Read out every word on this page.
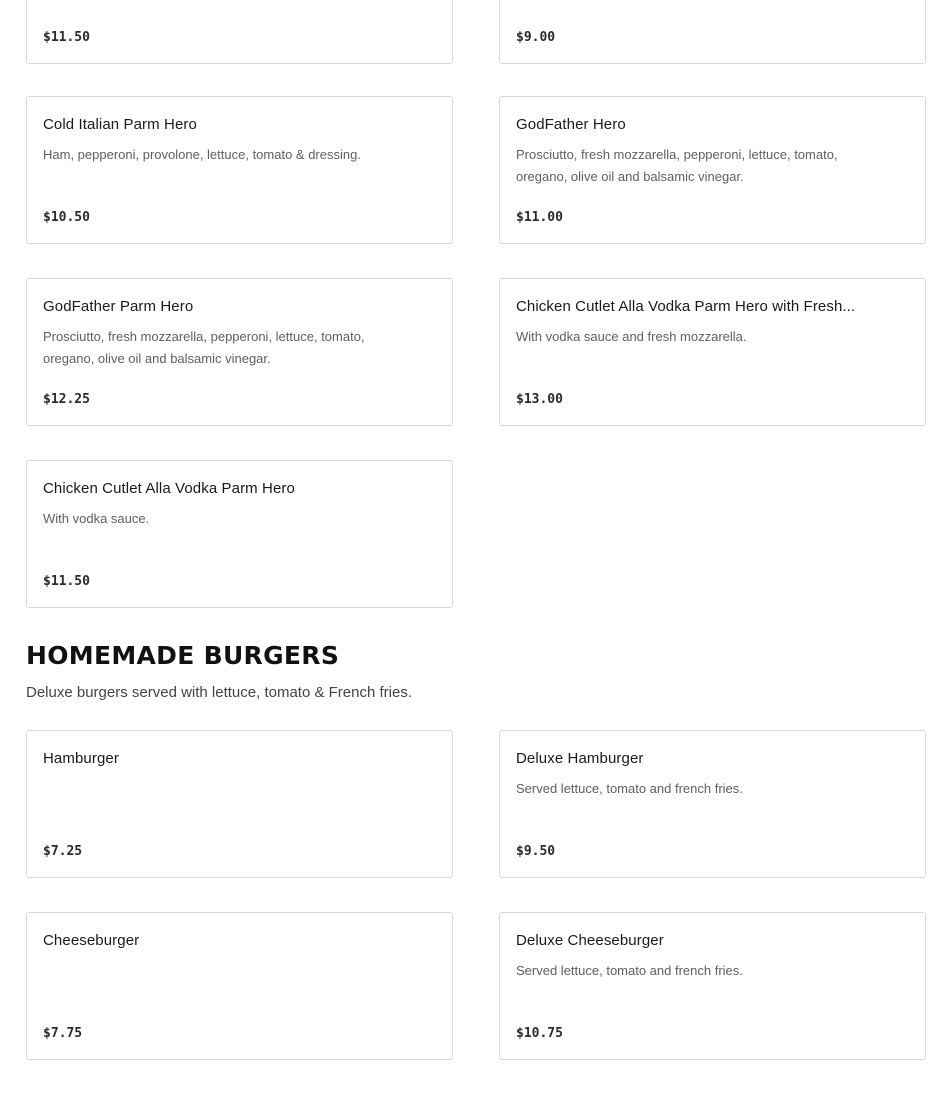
$11.50	$9.00
Cold Italian Parm Hero
Ham, pepperoni, provolone, lettuce, tomato & dressing.
$10.50
GodFather Hero
Prosciutto, fresh mozzarella, pepperoni, lettuce, tomato, oregano, olive oil and balsamic vinegar.
$11.00
GodFather Parm Hero
Prosciutto, fresh mozzarella, pepperoni, lettuce, tomato, oregano, olive oil and balsamic vinegar.
$12.25
Chicken Cutlet Alla Vodka Parm Hero with Fresh...
With vodka sauce and fresh mozzarella.
$13.00
Chicken Cutlet Alla Vodka Parm Hero
With vodka sauce.
$11.50
HOMEMADE BURGERS

Deluxe burgers served with lettuce, tomato & French fries.

Hamburger
$7.25
Deluxe Hamburger
Served lettuce, tomato and french fries.
$9.50
Cheeseburger
$7.75
Deluxe Cheeseburger
Served lettuce, tomato and french fries.
$10.75
